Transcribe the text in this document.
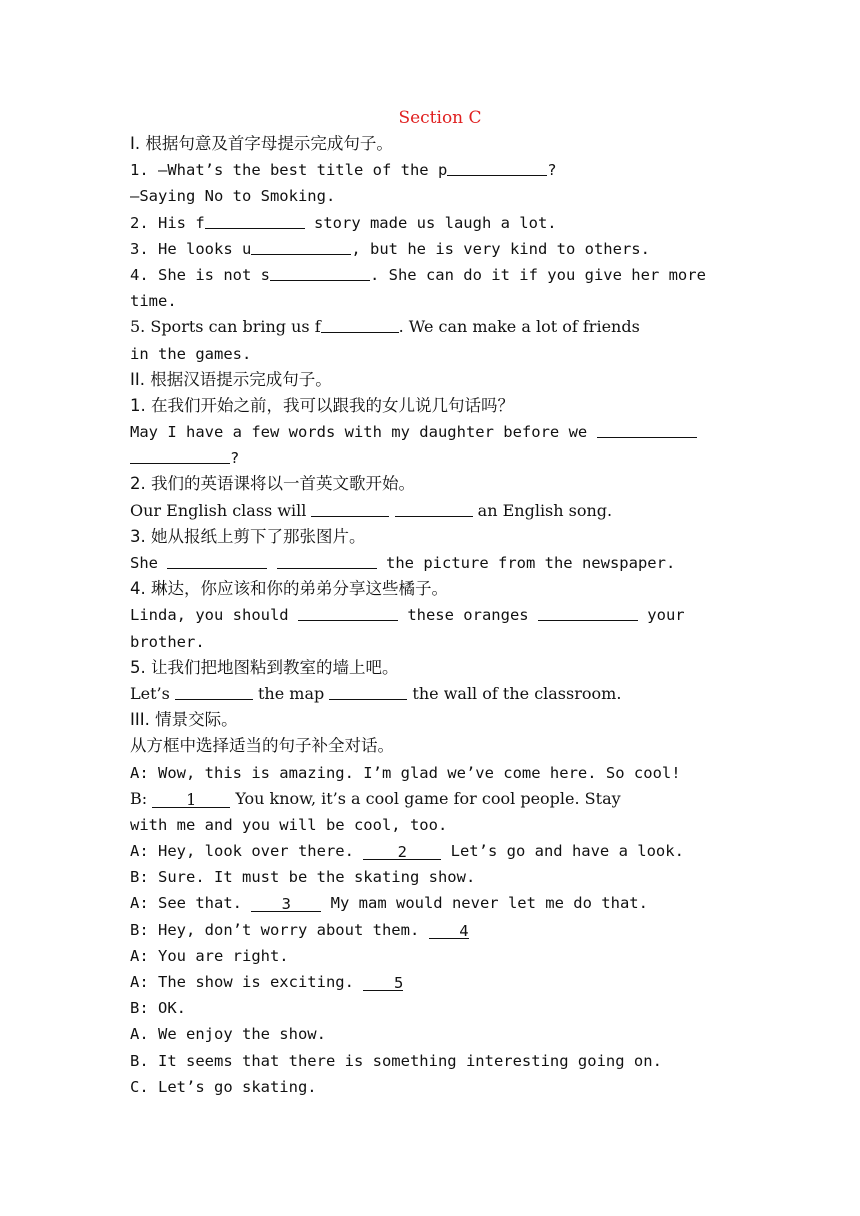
Section C
I. 根据句意及首字母提示完成句子。
1. —What’s the best title of the p	?
—Saying No to Smoking.
2. His f	story made us laugh a lot.
3. He looks u	, but he is very kind to others.
4. She is not s	. She can do it if you give her more
time.
5. Sports can bring us f	. We can make a lot of friends
in the games.
II. 根据汉语提示完成句子。
1. 在我们开始之前，我可以跟我的女儿说几句话吗？
May I have a few words with my daughter before we
?
2. 我们的英语课将以一首英文歌开始。
Our English class will	an English song.
3. 她从报纸上剪下了那张图片。
She	the picture from the newspaper.
4. 琳达，你应该和你的弟弟分享这些橘子。
Linda, you should	these oranges	your
brother.
5. 让我们把地图粘到教室的墙上吧。
Let’s	the map	the wall of the classroom.
III. 情景交际。
从方框中选择适当的句子补全对话。
A: Wow, this is amazing. I’m glad we’ve come here. So cool!
B: 1 You know, it’s a cool game for cool people. Stay
with me and you will be cool, too.
A: Hey, look over there. 2 Let’s go and have a look.
B: Sure. It must be the skating show.
A: See that. 3 My mam would never let me do that.
B: Hey, don’t worry about them. 4
A: You are right.
A: The show is exciting. 5
B: OK.
A. We enjoy the show.
B. It seems that there is something interesting going on.
C. Let’s go skating.
